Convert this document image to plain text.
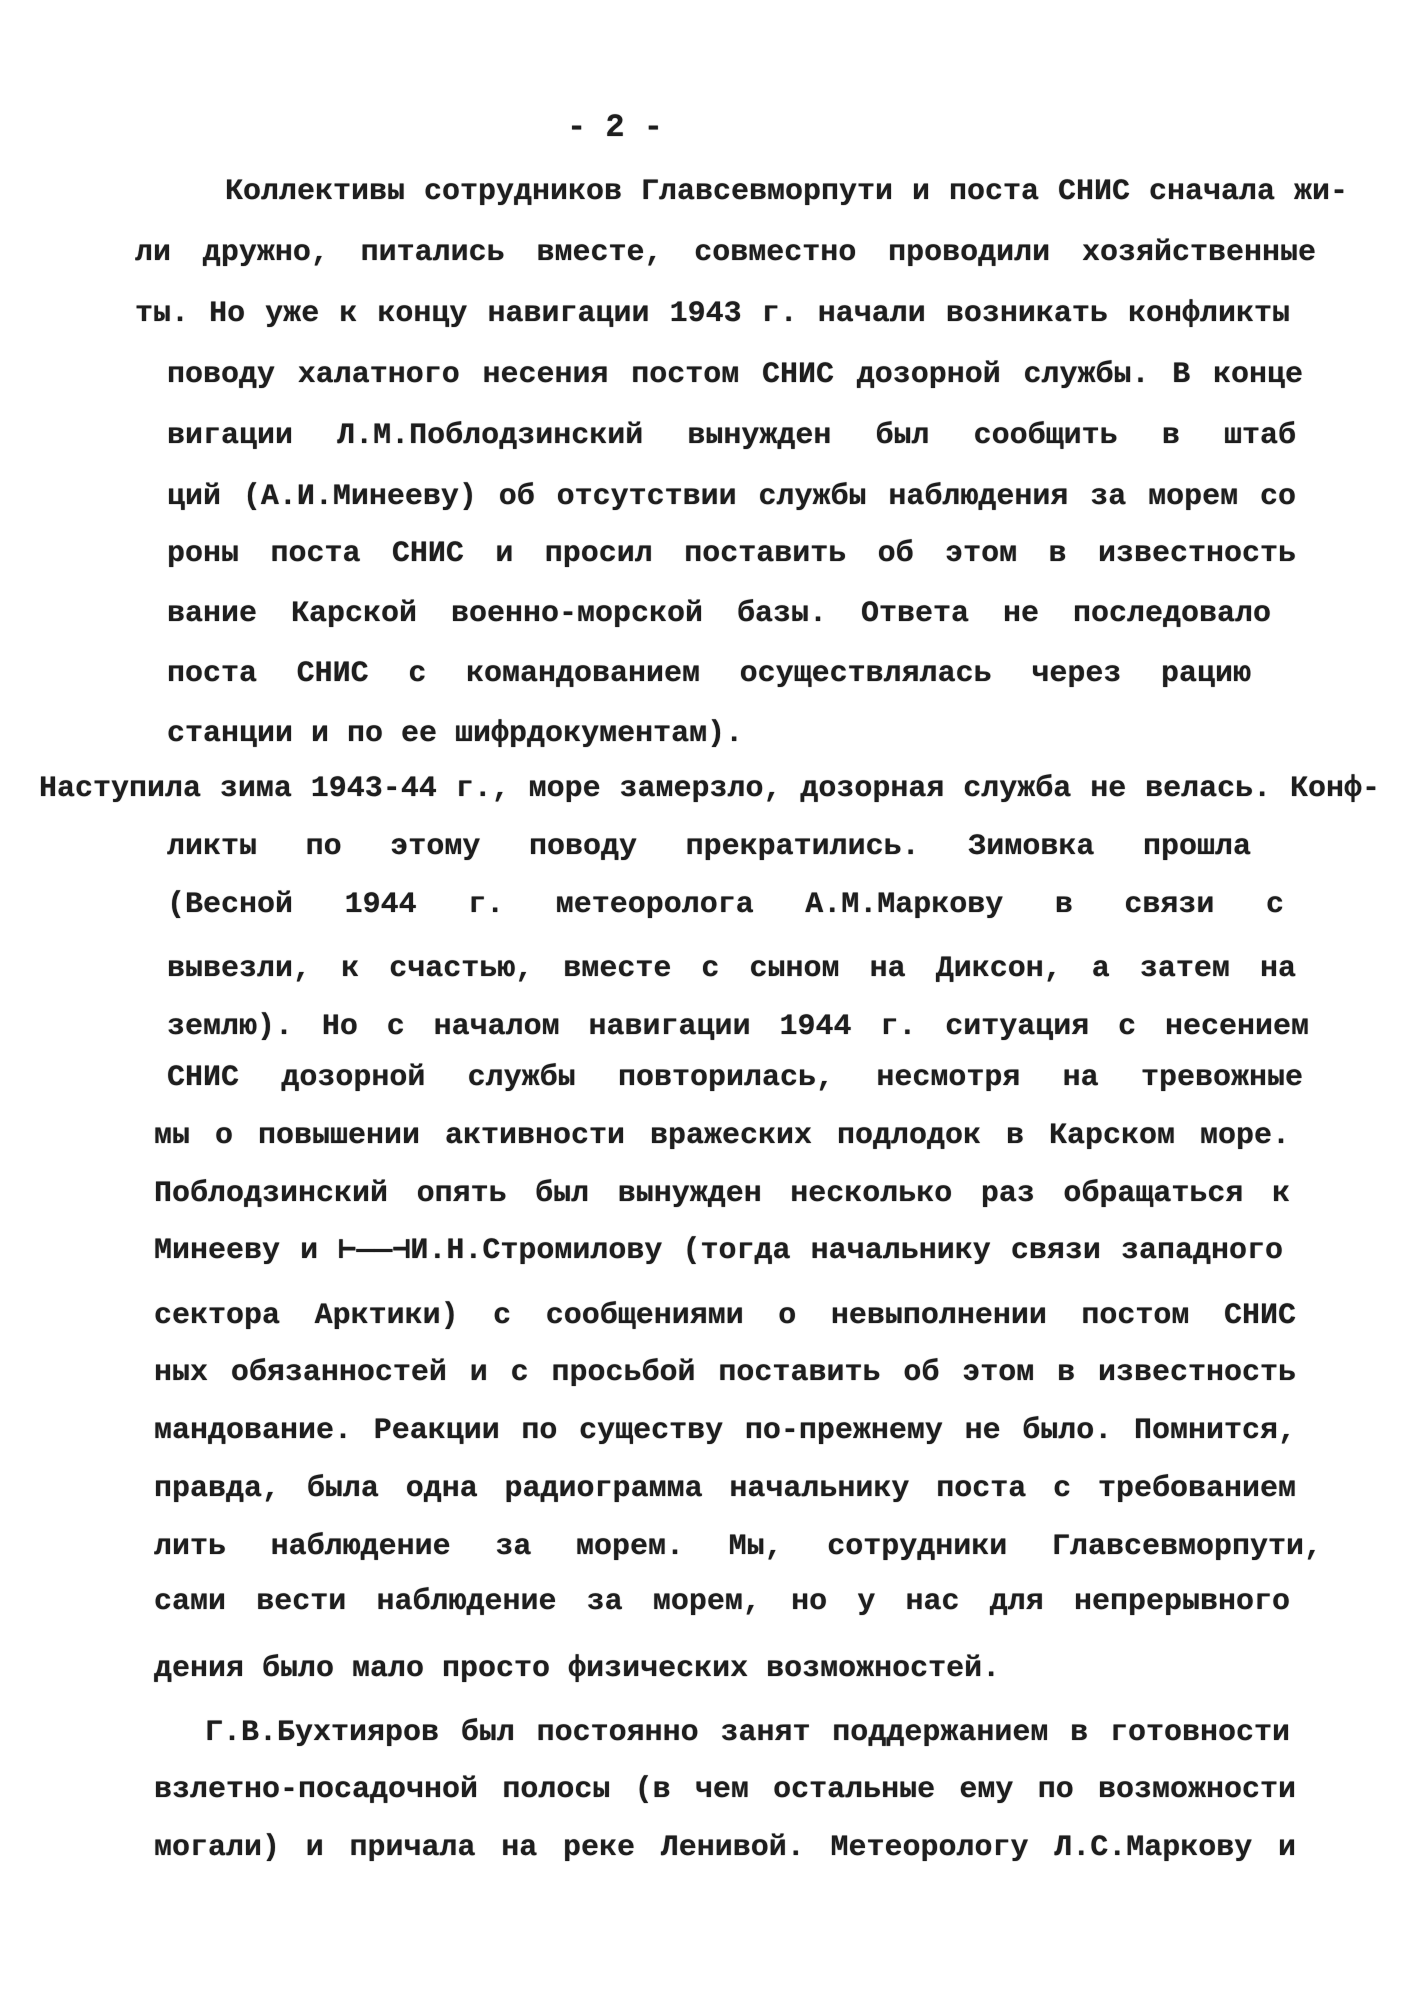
- 2 -
Коллективы сотрудников Главсевморпути и поста СНИС сначала жи-
ли дружно, питались вместе, совместно проводили хозяйственные
ты. Но уже к концу навигации 1943 г. начали возникать конфликты
поводу халатного несения постом СНИС дозорной службы. В конце
вигации Л.М.Поблодзинский вынужден был сообщить в штаб
ций (А.И.Минееву) об отсутствии службы наблюдения за морем со
роны поста СНИС и просил поставить об этом в известность
вание Карской военно-морской базы. Ответа не последовало
поста СНИС с командованием осуществлялась через рацию
станции и по ее шифрдокументам).
Наступила зима 1943-44 г., море замерзло, дозорная служба не велась. Конф-
ликты по этому поводу прекратились. Зимовка прошла
(Весной 1944 г. метеоролога А.М.Маркову в связи с
вывезли, к счастью, вместе с сыном на Диксон, а затем на
землю). Но с началом навигации 1944 г. ситуация с несением
СНИС дозорной службы повторилась, несмотря на тревожные
мы о повышении активности вражеских подлодок в Карском море.
Поблодзинский опять был вынужден несколько раз обращаться к
Минееву и ⊢——⊣И.Н.Стромилову (тогда начальнику связи западного
сектора Арктики) с сообщениями о невыполнении постом СНИС
ных обязанностей и с просьбой поставить об этом в известность
мандование. Реакции по существу по-прежнему не было. Помнится,
правда, была одна радиограмма начальнику поста с требованием
лить наблюдение за морем. Мы, сотрудники Главсевморпути,
сами вести наблюдение за морем, но у нас для непрерывного
дения было мало просто физических возможностей.
Г.В.Бухтияров был постоянно занят поддержанием в готовности
взлетно-посадочной полосы (в чем остальные ему по возможности
могали) и причала на реке Ленивой. Метеорологу Л.С.Маркову и
